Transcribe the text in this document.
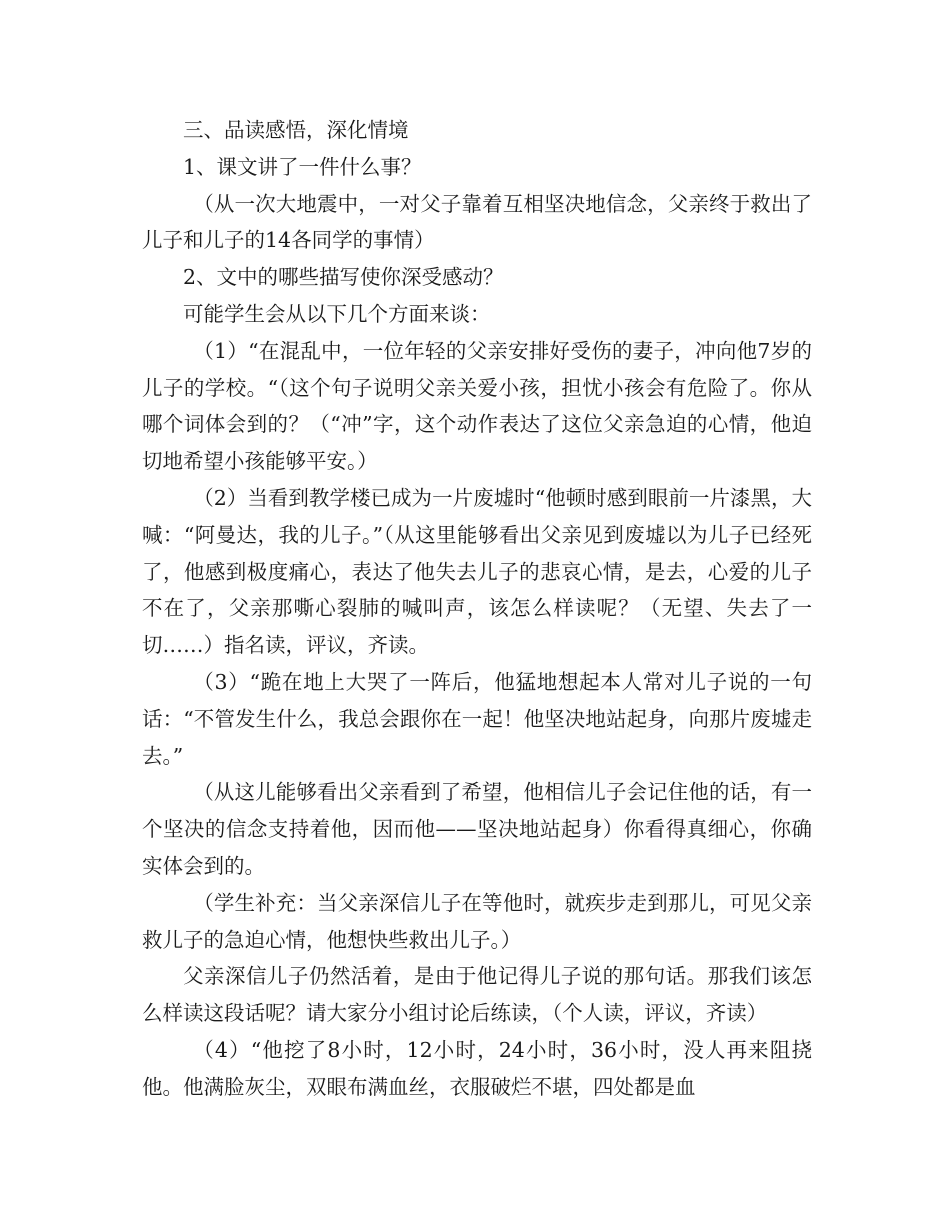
三、品读感悟，深化情境

1、课文讲了一件什么事？

（从一次大地震中，一对父子靠着互相坚决地信念，父亲终于救出了儿子和儿子的14各同学的事情）

2、文中的哪些描写使你深受感动？

可能学生会从以下几个方面来谈：

（1）“在混乱中，一位年轻的父亲安排好受伤的妻子，冲向他7岁的儿子的学校。“（这个句子说明父亲关爱小孩，担忧小孩会有危险了。你从哪个词体会到的？（“冲”字，这个动作表达了这位父亲急迫的心情，他迫切地希望小孩能够平安。）

（2）当看到教学楼已成为一片废墟时“他顿时感到眼前一片漆黑，大喊：“阿曼达，我的儿子。”（从这里能够看出父亲见到废墟以为儿子已经死了，他感到极度痛心，表达了他失去儿子的悲哀心情，是去，心爱的儿子不在了，父亲那嘶心裂肺的喊叫声，该怎么样读呢？（无望、失去了一切……）指名读，评议，齐读。

（3）“跪在地上大哭了一阵后，他猛地想起本人常对儿子说的一句话：“不管发生什么，我总会跟你在一起！他坚决地站起身，向那片废墟走去。”

（从这儿能够看出父亲看到了希望，他相信儿子会记住他的话，有一个坚决的信念支持着他，因而他——坚决地站起身）你看得真细心，你确实体会到的。

（学生补充：当父亲深信儿子在等他时，就疾步走到那儿，可见父亲救儿子的急迫心情，他想快些救出儿子。）

父亲深信儿子仍然活着，是由于他记得儿子说的那句话。那我们该怎么样读这段话呢？请大家分小组讨论后练读，（个人读，评议，齐读）

（4）“他挖了8小时，12小时，24小时，36小时，没人再来阻挠他。他满脸灰尘，双眼布满血丝，衣服破烂不堪，四处都是血
